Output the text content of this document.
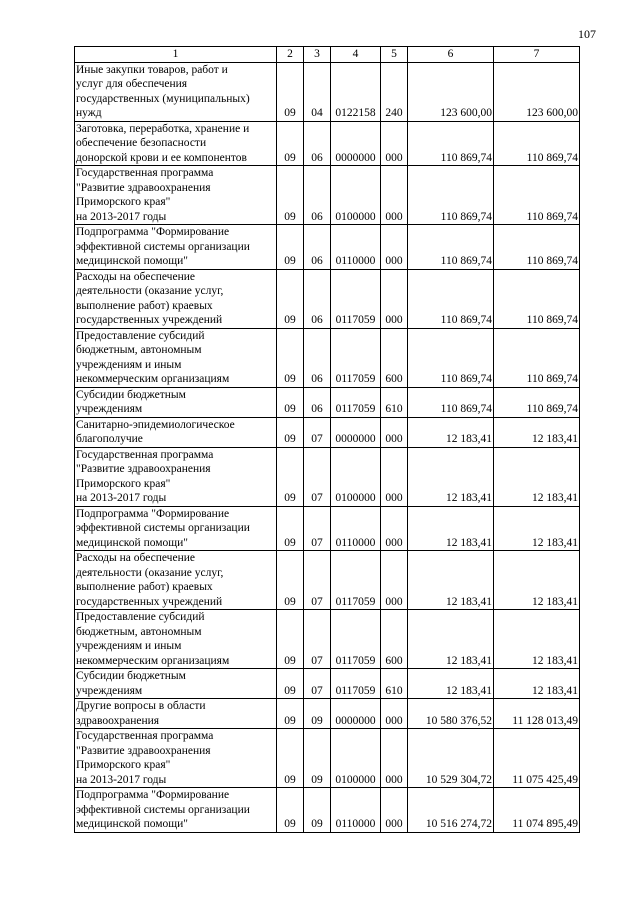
107
1	2	3	4	5	6	7

Иные закупки товаров, работ и
услуг для обеспечения
государственных (муниципальных)
нужд	09	04	0122158	240	123 600,00	123 600,00

Заготовка, переработка, хранение и
обеспечение безопасности
донорской крови и ее компонентов	09	06	0000000	000	110 869,74	110 869,74

Государственная программа
"Развитие здравоохранения
Приморского края"
на 2013-2017 годы	09	06	0100000	000	110 869,74	110 869,74

Подпрограмма "Формирование
эффективной системы организации
медицинской помощи"	09	06	0110000	000	110 869,74	110 869,74

Расходы на обеспечение
деятельности (оказание услуг,
выполнение работ) краевых
государственных учреждений	09	06	0117059	000	110 869,74	110 869,74

Предоставление субсидий
бюджетным, автономным
учреждениям и иным
некоммерческим организациям	09	06	0117059	600	110 869,74	110 869,74

Субсидии бюджетным
учреждениям	09	06	0117059	610	110 869,74	110 869,74

Санитарно-эпидемиологическое
благополучие	09	07	0000000	000	12 183,41	12 183,41

Государственная программа
"Развитие здравоохранения
Приморского края"
на 2013-2017 годы	09	07	0100000	000	12 183,41	12 183,41

Подпрограмма "Формирование
эффективной системы организации
медицинской помощи"	09	07	0110000	000	12 183,41	12 183,41

Расходы на обеспечение
деятельности (оказание услуг,
выполнение работ) краевых
государственных учреждений	09	07	0117059	000	12 183,41	12 183,41

Предоставление субсидий
бюджетным, автономным
учреждениям и иным
некоммерческим организациям	09	07	0117059	600	12 183,41	12 183,41

Субсидии бюджетным
учреждениям	09	07	0117059	610	12 183,41	12 183,41

Другие вопросы в области
здравоохранения	09	09	0000000	000	10 580 376,52	11 128 013,49

Государственная программа
"Развитие здравоохранения
Приморского края"
на 2013-2017 годы	09	09	0100000	000	10 529 304,72	11 075 425,49

Подпрограмма "Формирование
эффективной системы организации
медицинской помощи"	09	09	0110000	000	10 516 274,72	11 074 895,49
